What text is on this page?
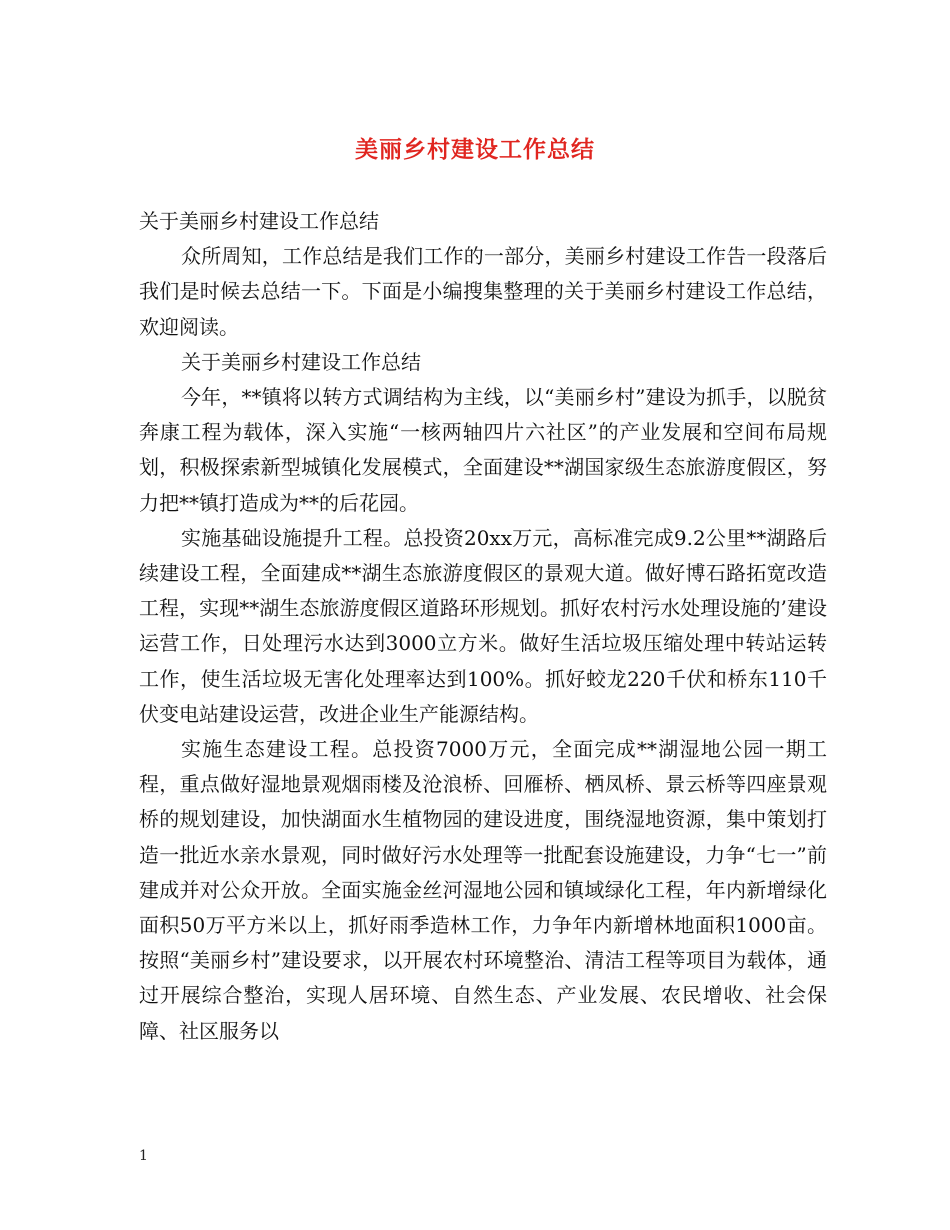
美丽乡村建设工作总结

关于美丽乡村建设工作总结

众所周知，工作总结是我们工作的一部分，美丽乡村建设工作告一段落后我们是时候去总结一下。下面是小编搜集整理的关于美丽乡村建设工作总结，欢迎阅读。

关于美丽乡村建设工作总结

今年，**镇将以转方式调结构为主线，以“美丽乡村”建设为抓手，以脱贫奔康工程为载体，深入实施“一核两轴四片六社区”的产业发展和空间布局规划，积极探索新型城镇化发展模式，全面建设**湖国家级生态旅游度假区，努力把**镇打造成为**的后花园。

实施基础设施提升工程。总投资20xx万元，高标准完成9.2公里**湖路后续建设工程，全面建成**湖生态旅游度假区的景观大道。做好博石路拓宽改造工程，实现**湖生态旅游度假区道路环形规划。抓好农村污水处理设施的’建设运营工作，日处理污水达到3000立方米。做好生活垃圾压缩处理中转站运转工作，使生活垃圾无害化处理率达到100%。抓好蛟龙220千伏和桥东110千伏变电站建设运营，改进企业生产能源结构。

实施生态建设工程。总投资7000万元，全面完成**湖湿地公园一期工程，重点做好湿地景观烟雨楼及沧浪桥、回雁桥、栖凤桥、景云桥等四座景观桥的规划建设，加快湖面水生植物园的建设进度，围绕湿地资源，集中策划打造一批近水亲水景观，同时做好污水处理等一批配套设施建设，力争“七一”前建成并对公众开放。全面实施金丝河湿地公园和镇域绿化工程，年内新增绿化面积50万平方米以上，抓好雨季造林工作，力争年内新增林地面积1000亩。按照“美丽乡村”建设要求，以开展农村环境整治、清洁工程等项目为载体，通过开展综合整治，实现人居环境、自然生态、产业发展、农民增收、社会保障、社区服务以

1
